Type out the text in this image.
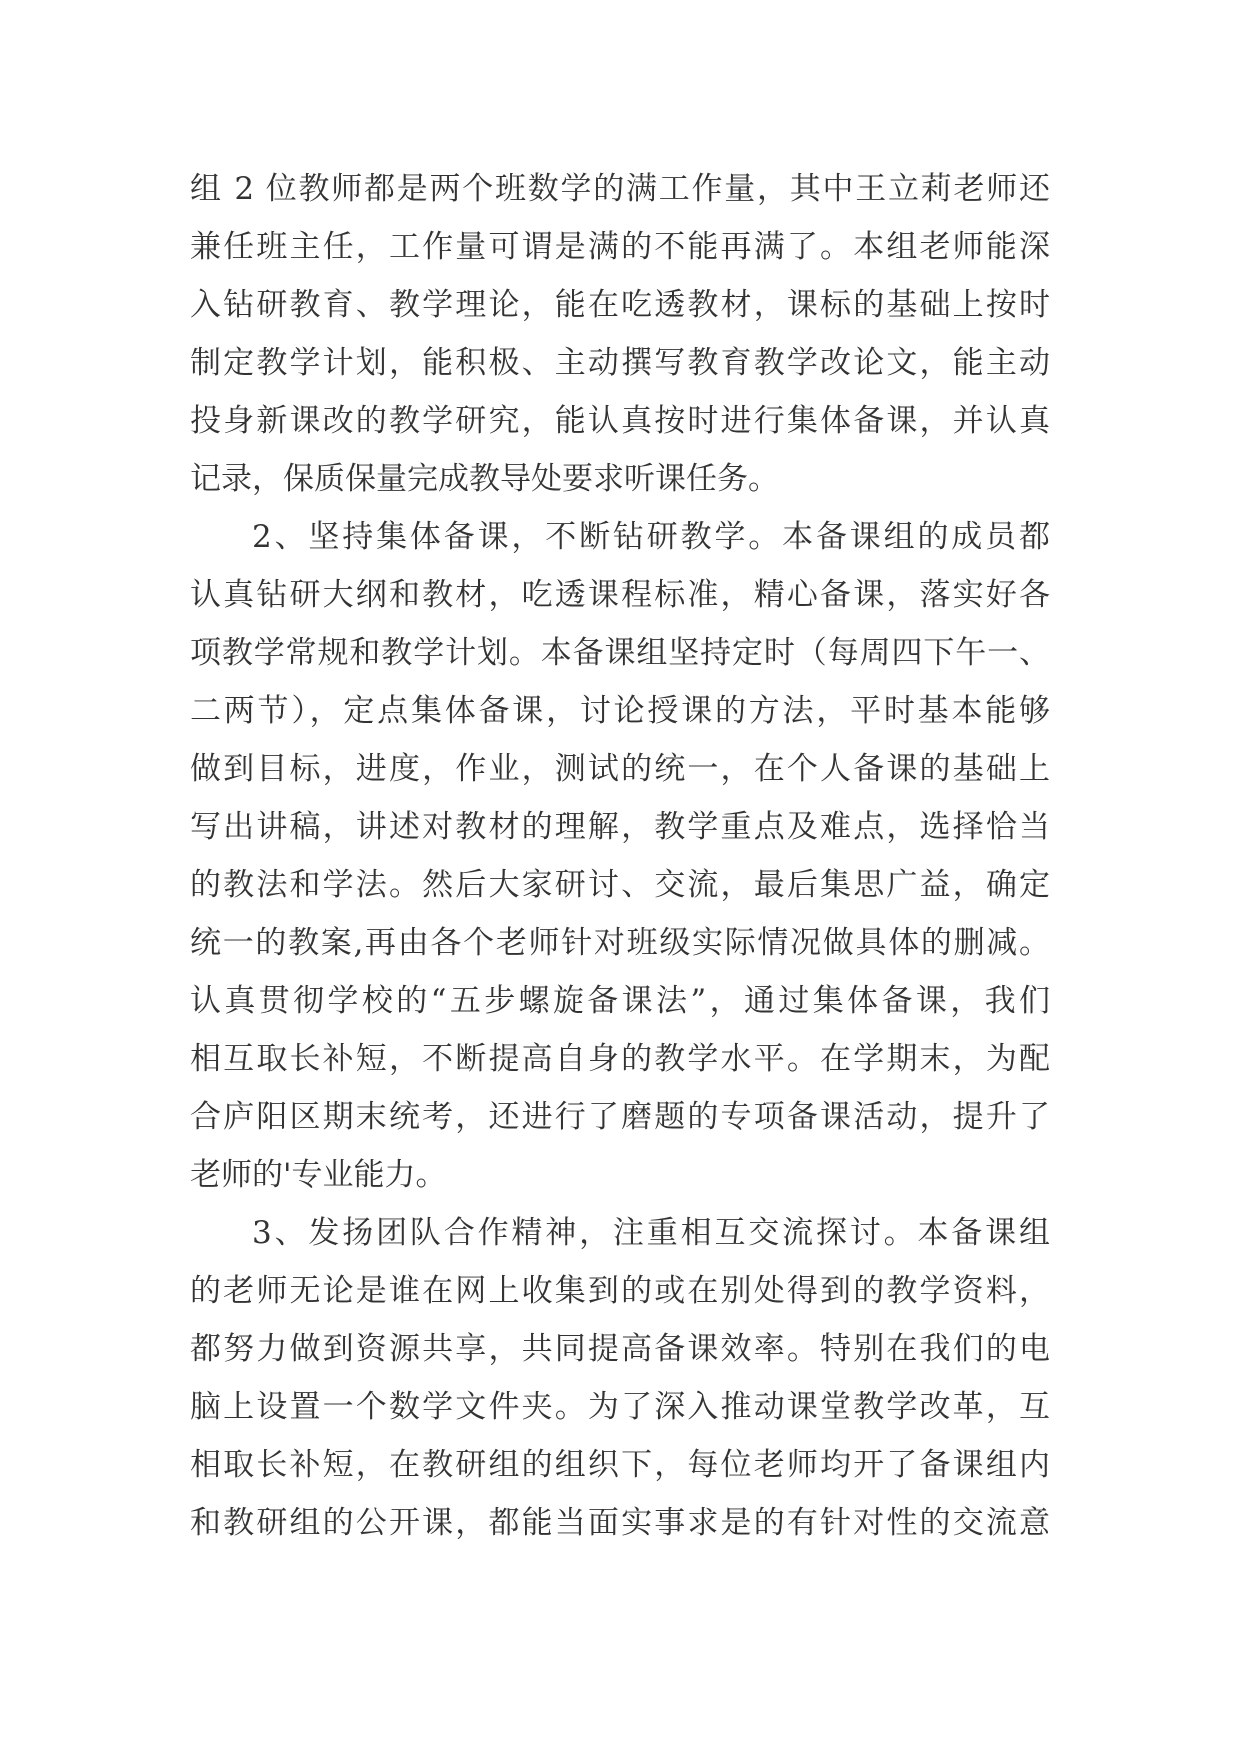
组 2 位教师都是两个班数学的满工作量，其中王立莉老师还
兼任班主任，工作量可谓是满的不能再满了。本组老师能深
入钻研教育、教学理论，能在吃透教材，课标的基础上按时
制定教学计划，能积极、主动撰写教育教学改论文，能主动
投身新课改的教学研究，能认真按时进行集体备课，并认真
记录，保质保量完成教导处要求听课任务。
2、坚持集体备课，不断钻研教学。本备课组的成员都
认真钻研大纲和教材，吃透课程标准，精心备课，落实好各
项教学常规和教学计划。本备课组坚持定时（每周四下午一、
二两节），定点集体备课，讨论授课的方法，平时基本能够
做到目标，进度，作业，测试的统一，在个人备课的基础上
写出讲稿，讲述对教材的理解，教学重点及难点，选择恰当
的教法和学法。然后大家研讨、交流，最后集思广益，确定
统一的教案,再由各个老师针对班级实际情况做具体的删减。
认真贯彻学校的“五步螺旋备课法”，通过集体备课，我们
相互取长补短，不断提高自身的教学水平。在学期末，为配
合庐阳区期末统考，还进行了磨题的专项备课活动，提升了
老师的'专业能力。
3、发扬团队合作精神，注重相互交流探讨。本备课组
的老师无论是谁在网上收集到的或在别处得到的教学资料，
都努力做到资源共享，共同提高备课效率。特别在我们的电
脑上设置一个数学文件夹。为了深入推动课堂教学改革，互
相取长补短，在教研组的组织下，每位老师均开了备课组内
和教研组的公开课，都能当面实事求是的有针对性的交流意
